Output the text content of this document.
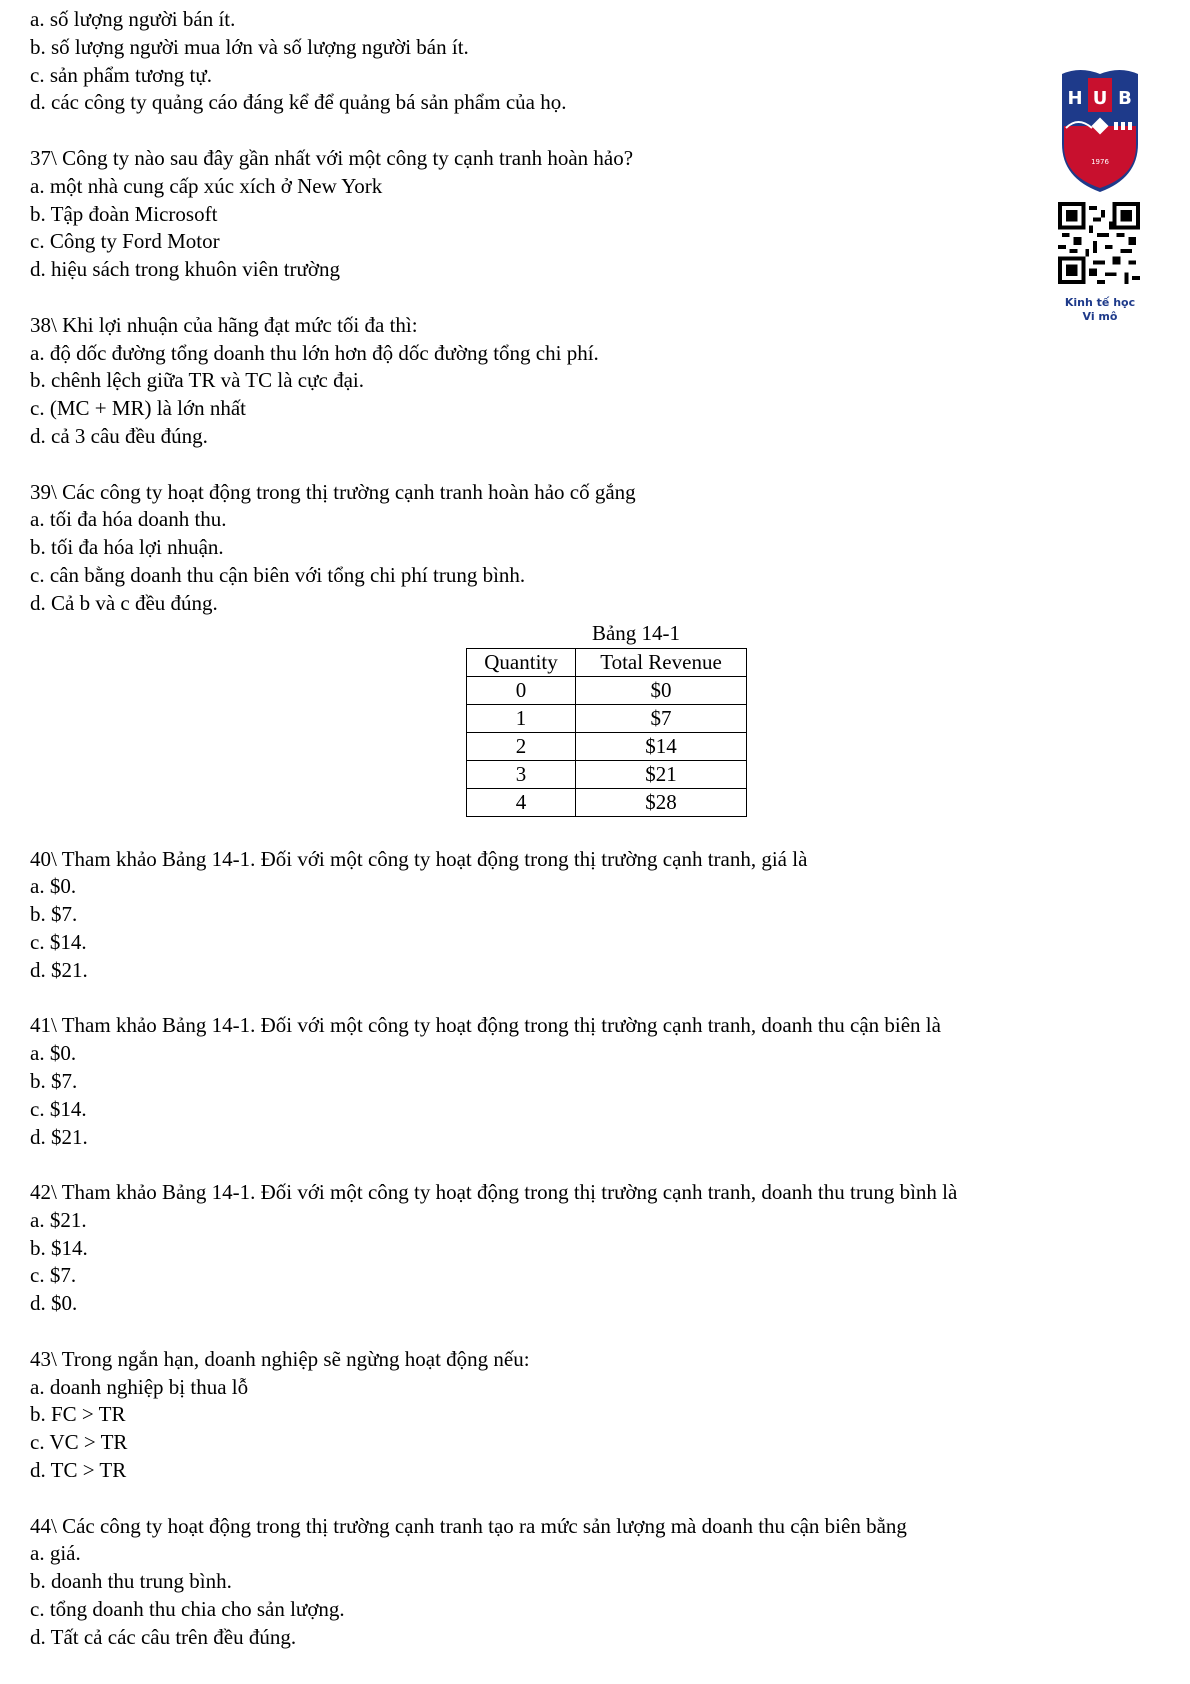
a. số lượng người bán ít.
b. số lượng người mua lớn và số lượng người bán ít.
c. sản phẩm tương tự.
d. các công ty quảng cáo đáng kể để quảng bá sản phẩm của họ.
37\ Công ty nào sau đây gần nhất với một công ty cạnh tranh hoàn hảo?
a. một nhà cung cấp xúc xích ở New York
b. Tập đoàn Microsoft
c. Công ty Ford Motor
d. hiệu sách trong khuôn viên trường
38\ Khi lợi nhuận của hãng đạt mức tối đa thì:
a. độ dốc đường tổng doanh thu lớn hơn độ dốc đường tổng chi phí.
b. chênh lệch giữa TR và TC là cực đại.
c. (MC + MR) là lớn nhất
d. cả 3 câu đều đúng.
39\ Các công ty hoạt động trong thị trường cạnh tranh hoàn hảo cố gắng
a. tối đa hóa doanh thu.
b. tối đa hóa lợi nhuận.
c. cân bằng doanh thu cận biên với tổng chi phí trung bình.
d. Cả b và c đều đúng.
Bảng 14-1
Quantity	Total Revenue
0	$0
1	$7
2	$14
3	$21
4	$28
40\ Tham khảo Bảng 14-1. Đối với một công ty hoạt động trong thị trường cạnh tranh, giá là
a. $0.
b. $7.
c. $14.
d. $21.
41\ Tham khảo Bảng 14-1. Đối với một công ty hoạt động trong thị trường cạnh tranh, doanh thu cận biên là
a. $0.
b. $7.
c. $14.
d. $21.
42\ Tham khảo Bảng 14-1. Đối với một công ty hoạt động trong thị trường cạnh tranh, doanh thu trung bình là
a. $21.
b. $14.
c. $7.
d. $0.
43\ Trong ngắn hạn, doanh nghiệp sẽ ngừng hoạt động nếu:
a. doanh nghiệp bị thua lỗ
b. FC > TR
c. VC > TR
d. TC > TR
44\ Các công ty hoạt động trong thị trường cạnh tranh tạo ra mức sản lượng mà doanh thu cận biên bằng
a. giá.
b. doanh thu trung bình.
c. tổng doanh thu chia cho sản lượng.
d. Tất cả các câu trên đều đúng.
H U B
1976
Kinh tế học
Vi mô
